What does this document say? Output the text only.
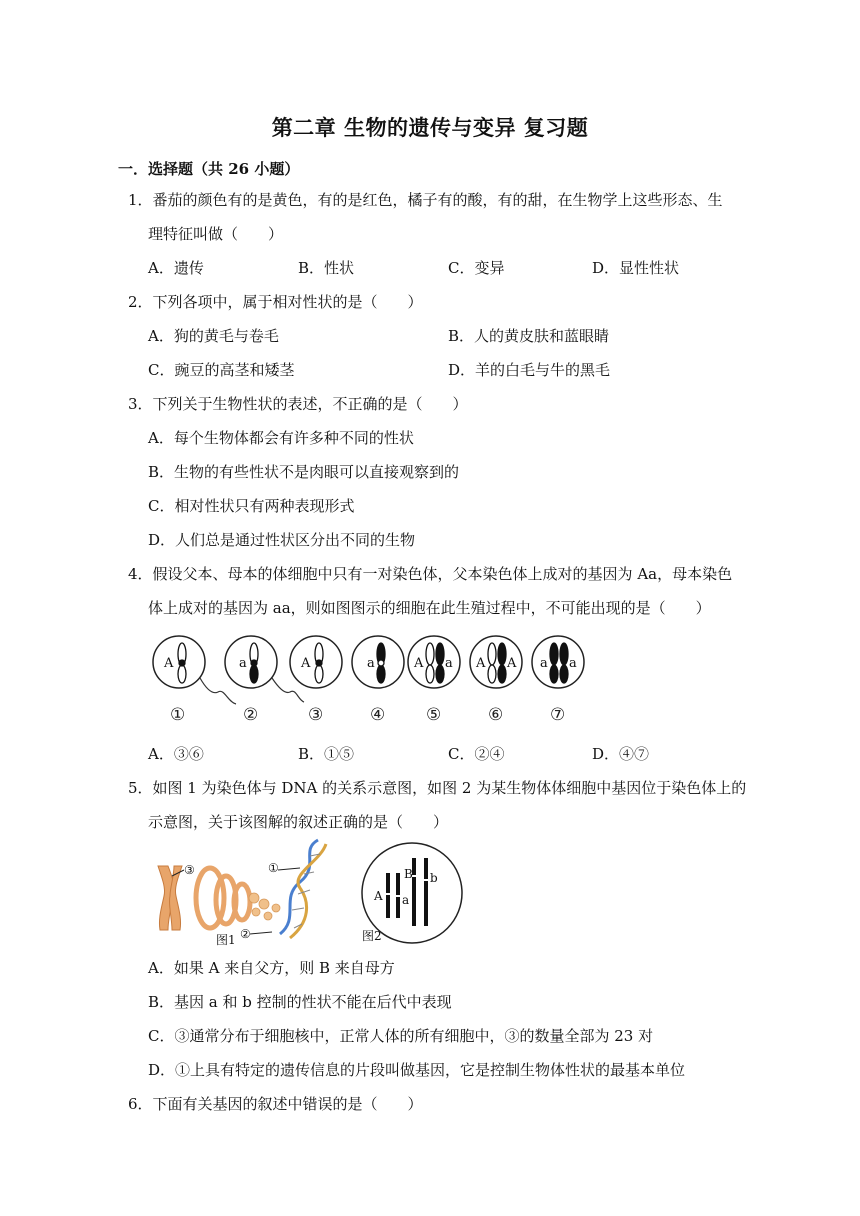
第二章 生物的遗传与变异 复习题
一．选择题（共 26 小题）
1．番茄的颜色有的是黄色，有的是红色，橘子有的酸，有的甜，在生物学上这些形态、生
理特征叫做（　　）
A．遗传	B．性状	C．变异	D．显性性状
2．下列各项中，属于相对性状的是（　　）
A．狗的黄毛与卷毛	B．人的黄皮肤和蓝眼睛
C．豌豆的高茎和矮茎	D．羊的白毛与牛的黑毛
3．下列关于生物性状的表述，不正确的是（　　）
A．每个生物体都会有许多种不同的性状
B．生物的有些性状不是肉眼可以直接观察到的
C．相对性状只有两种表现形式
D．人们总是通过性状区分出不同的生物
4．假设父本、母本的体细胞中只有一对染色体，父本染色体上成对的基因为 Aa，母本染色
体上成对的基因为 aa，则如图图示的细胞在此生殖过程中，不可能出现的是（　　）
A	a	A	a	A a A A a a
①	②	③	④ ⑤	⑥	⑦
A．③⑥	B．①⑤	C．②④	D．④⑦
5．如图 1 为染色体与 DNA 的关系示意图，如图 2 为某生物体体细胞中基因位于染色体上的
示意图，关于该图解的叙述正确的是（　　）
③	①
②
图1
A a
B b
图2
A．如果 A 来自父方，则 B 来自母方
B．基因 a 和 b 控制的性状不能在后代中表现
C．③通常分布于细胞核中，正常人体的所有细胞中，③的数量全部为 23 对
D．①上具有特定的遗传信息的片段叫做基因，它是控制生物体性状的最基本单位
6．下面有关基因的叙述中错误的是（　　）
